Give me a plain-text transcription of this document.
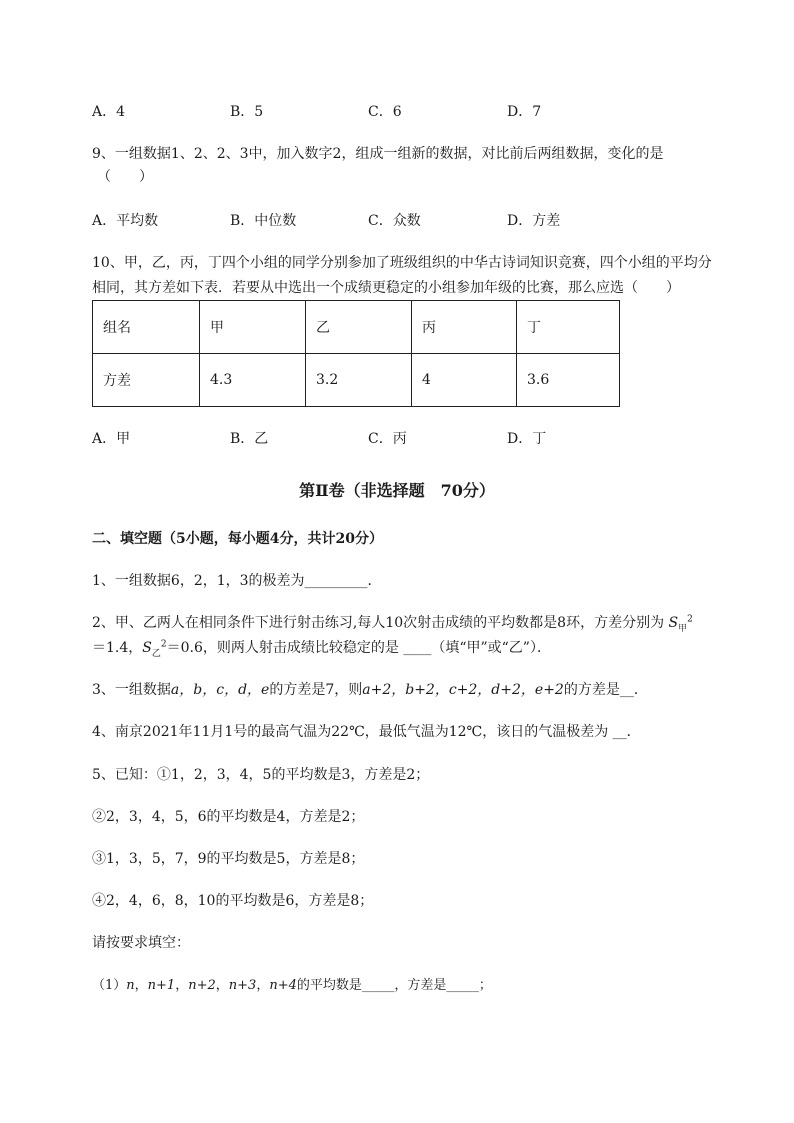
A．4	B．5	C．6	D．7
9、一组数据1、2、2、3中，加入数字2，组成一组新的数据，对比前后两组数据，变化的是
（　　）
A．平均数	B．中位数	C．众数	D．方差
10、甲，乙，丙，丁四个小组的同学分别参加了班级组织的中华古诗词知识竞赛，四个小组的平均分
相同，其方差如下表．若要从中选出一个成绩更稳定的小组参加年级的比赛，那么应选（　　）
组名	甲	乙	丙	丁
方差	4.3	3.2	4	3.6
A．甲	B．乙	C．丙	D．丁
第Ⅱ卷（非选择题　70分）
二、填空题（5小题，每小题4分，共计20分）
1、一组数据6，2，1，3的极差为_________．
2、甲、乙两人在相同条件下进行射击练习,每人10次射击成绩的平均数都是8环，方差分别为 $S_甲^2$
＝1.4，$S_乙^2=0.6$，则两人射击成绩比较稳定的是 ____（填“甲”或“乙”）．
3、一组数据a，b，c，d，e的方差是7，则a+2，b+2，c+2，d+2，e+2的方差是__．
4、南京2021年11月1号的最高气温为22℃，最低气温为12℃，该日的气温极差为 __．
5、已知：①1，2，3，4，5的平均数是3，方差是2；
②2，3，4，5，6的平均数是4，方差是2；
③1，3，5，7，9的平均数是5，方差是8；
④2，4，6，8，10的平均数是6，方差是8；
请按要求填空：
（1）n，n+1，n+2，n+3，n+4的平均数是_____，方差是_____；
